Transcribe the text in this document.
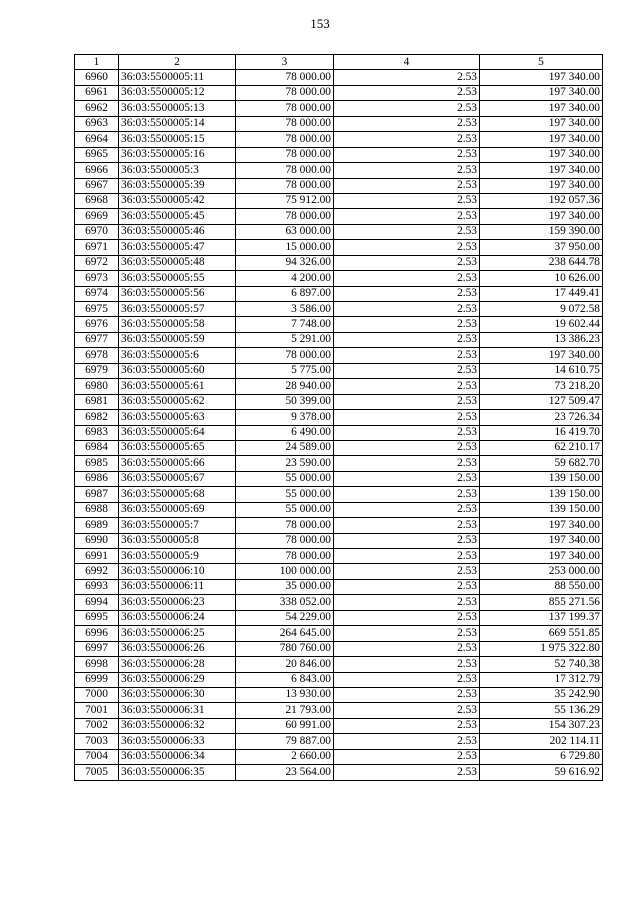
153
1	2	3	4	5
6960	36:03:5500005:11	78 000.00	2.53	197 340.00
6961	36:03:5500005:12	78 000.00	2.53	197 340.00
6962	36:03:5500005:13	78 000.00	2.53	197 340.00
6963	36:03:5500005:14	78 000.00	2.53	197 340.00
6964	36:03:5500005:15	78 000.00	2.53	197 340.00
6965	36:03:5500005:16	78 000.00	2.53	197 340.00
6966	36:03:5500005:3	78 000.00	2.53	197 340.00
6967	36:03:5500005:39	78 000.00	2.53	197 340.00
6968	36:03:5500005:42	75 912.00	2.53	192 057.36
6969	36:03:5500005:45	78 000.00	2.53	197 340.00
6970	36:03:5500005:46	63 000.00	2.53	159 390.00
6971	36:03:5500005:47	15 000.00	2.53	37 950.00
6972	36:03:5500005:48	94 326.00	2.53	238 644.78
6973	36:03:5500005:55	4 200.00	2.53	10 626.00
6974	36:03:5500005:56	6 897.00	2.53	17 449.41
6975	36:03:5500005:57	3 586.00	2.53	9 072.58
6976	36:03:5500005:58	7 748.00	2.53	19 602.44
6977	36:03:5500005:59	5 291.00	2.53	13 386.23
6978	36:03:5500005:6	78 000.00	2.53	197 340.00
6979	36:03:5500005:60	5 775.00	2.53	14 610.75
6980	36:03:5500005:61	28 940.00	2.53	73 218.20
6981	36:03:5500005:62	50 399.00	2.53	127 509.47
6982	36:03:5500005:63	9 378.00	2.53	23 726.34
6983	36:03:5500005:64	6 490.00	2.53	16 419.70
6984	36:03:5500005:65	24 589.00	2.53	62 210.17
6985	36:03:5500005:66	23 590.00	2.53	59 682.70
6986	36:03:5500005:67	55 000.00	2.53	139 150.00
6987	36:03:5500005:68	55 000.00	2.53	139 150.00
6988	36:03:5500005:69	55 000.00	2.53	139 150.00
6989	36:03:5500005:7	78 000.00	2.53	197 340.00
6990	36:03:5500005:8	78 000.00	2.53	197 340.00
6991	36:03:5500005:9	78 000.00	2.53	197 340.00
6992	36:03:5500006:10	100 000.00	2.53	253 000.00
6993	36:03:5500006:11	35 000.00	2.53	88 550.00
6994	36:03:5500006:23	338 052.00	2.53	855 271.56
6995	36:03:5500006:24	54 229.00	2.53	137 199.37
6996	36:03:5500006:25	264 645.00	2.53	669 551.85
6997	36:03:5500006:26	780 760.00	2.53	1 975 322.80
6998	36:03:5500006:28	20 846.00	2.53	52 740.38
6999	36:03:5500006:29	6 843.00	2.53	17 312.79
7000	36:03:5500006:30	13 930.00	2.53	35 242.90
7001	36:03:5500006:31	21 793.00	2.53	55 136.29
7002	36:03:5500006:32	60 991.00	2.53	154 307.23
7003	36:03:5500006:33	79 887.00	2.53	202 114.11
7004	36:03:5500006:34	2 660.00	2.53	6 729.80
7005	36:03:5500006:35	23 564.00	2.53	59 616.92
